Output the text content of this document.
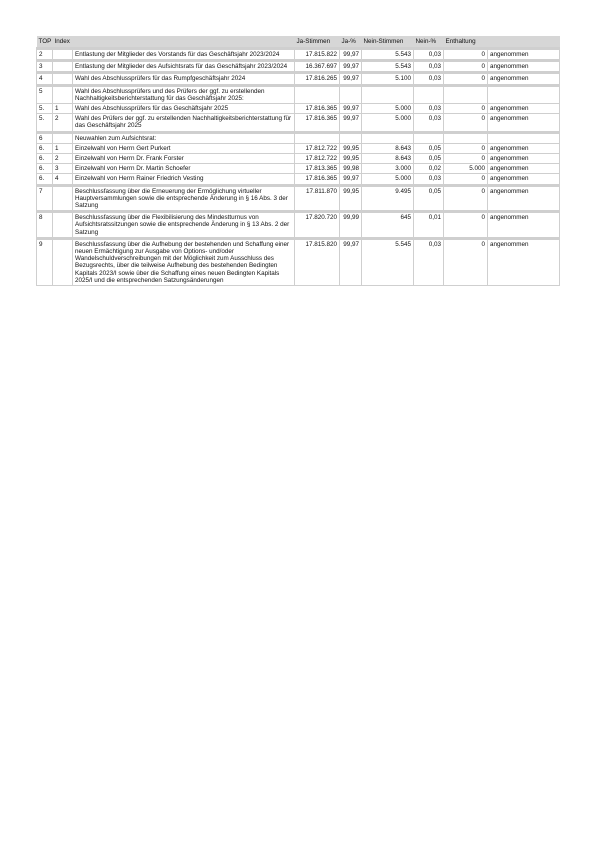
TOP	Index		Ja-Stimmen	Ja-%	Nein-Stimmen	Nein-%	Enthaltung	
2		Entlastung der Mitglieder des Vorstands für das Geschäftsjahr 2023/2024	17.815.822	99,97	5.543	0,03	0	angenommen
3		Entlastung der Mitglieder des Aufsichtsrats für das Geschäftsjahr 2023/2024	16.367.697	99,97	5.543	0,03	0	angenommen
4		Wahl des Abschlussprüfers für das Rumpfgeschäftsjahr 2024	17.816.265	99,97	5.100	0,03	0	angenommen
5		Wahl des Abschlussprüfers und des Prüfers der ggf. zu erstellenden Nachhaltigkeitsberichterstattung für das Geschäftsjahr 2025:						
5.	1	Wahl des Abschlussprüfers für das Geschäftsjahr 2025	17.816.365	99,97	5.000	0,03	0	angenommen
5.	2	Wahl des Prüfers der ggf. zu erstellenden Nachhaltigkeitsberichterstattung für das Geschäftsjahr 2025	17.816.365	99,97	5.000	0,03	0	angenommen
6		Neuwahlen zum Aufsichtsrat:						
6.	1	Einzelwahl von Herrn Gert Purkert	17.812.722	99,95	8.643	0,05	0	angenommen
6.	2	Einzelwahl von Herrn Dr. Frank Forster	17.812.722	99,95	8.643	0,05	0	angenommen
6.	3	Einzelwahl von Herrn Dr. Martin Schoefer	17.813.365	99,98	3.000	0,02	5.000	angenommen
6.	4	Einzelwahl von Herrn Rainer Friedrich Vesting	17.816.365	99,97	5.000	0,03	0	angenommen
7		Beschlussfassung über die Erneuerung der Ermöglichung virtueller Hauptversammlungen sowie die entsprechende Änderung in § 16 Abs. 3 der Satzung	17.811.870	99,95	9.495	0,05	0	angenommen
8		Beschlussfassung über die Flexibilisierung des Mindestturnus von Aufsichtsratssitzungen sowie die entsprechende Änderung in § 13 Abs. 2 der Satzung	17.820.720	99,99	645	0,01	0	angenommen
9		Beschlussfassung über die Aufhebung der bestehenden und Schaffung einer neuen Ermächtigung zur Ausgabe von Options- und/oder Wandelschuldverschreibungen mit der Möglichkeit zum Ausschluss des Bezugsrechts, über die teilweise Aufhebung des bestehenden Bedingten Kapitals 2023/I sowie über die Schaffung eines neuen Bedingten Kapitals 2025/I und die entsprechenden Satzungsänderungen	17.815.820	99,97	5.545	0,03	0	angenommen
